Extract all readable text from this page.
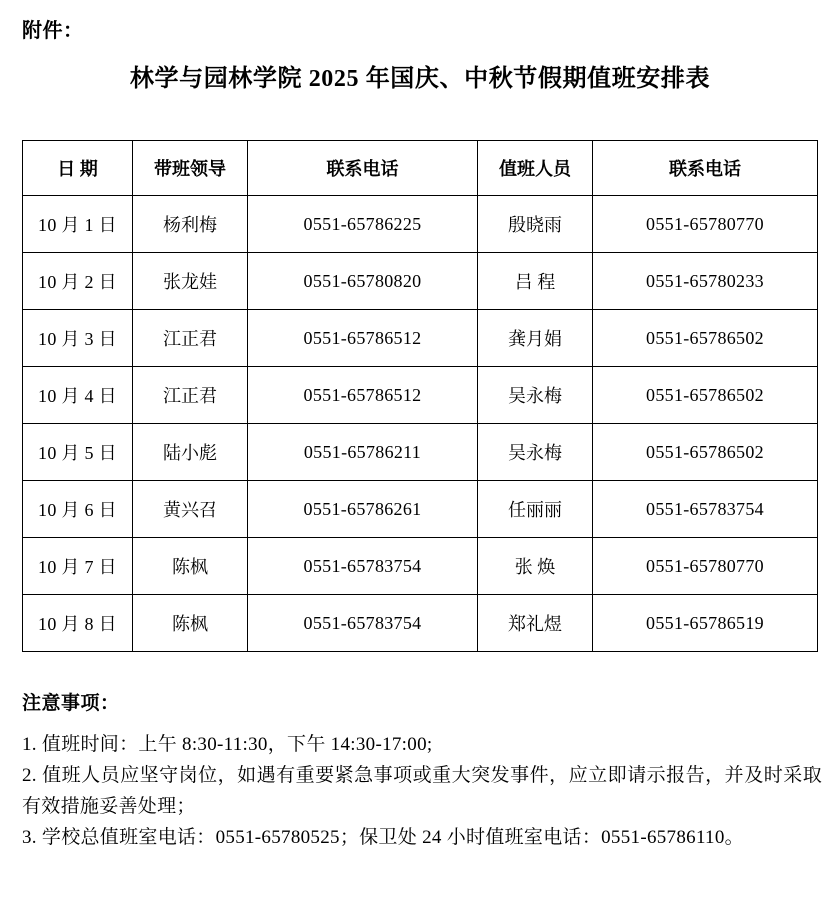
附件：
林学与园林学院 2025 年国庆、中秋节假期值班安排表
日 期	带班领导	联系电话	值班人员	联系电话
10 月 1 日	杨利梅	0551-65786225	殷晓雨	0551-65780770
10 月 2 日	张龙娃	0551-65780820	吕 程	0551-65780233
10 月 3 日	江正君	0551-65786512	龚月娟	0551-65786502
10 月 4 日	江正君	0551-65786512	吴永梅	0551-65786502
10 月 5 日	陆小彪	0551-65786211	吴永梅	0551-65786502
10 月 6 日	黄兴召	0551-65786261	任丽丽	0551-65783754
10 月 7 日	陈枫	0551-65783754	张 焕	0551-65780770
10 月 8 日	陈枫	0551-65783754	郑礼煜	0551-65786519
注意事项：
1. 值班时间：上午 8:30-11:30，下午 14:30-17:00;
2. 值班人员应坚守岗位，如遇有重要紧急事项或重大突发事件，应立即请示报告，并及时采取有效措施妥善处理；
3. 学校总值班室电话：0551-65780525；保卫处 24 小时值班室电话：0551-65786110。
